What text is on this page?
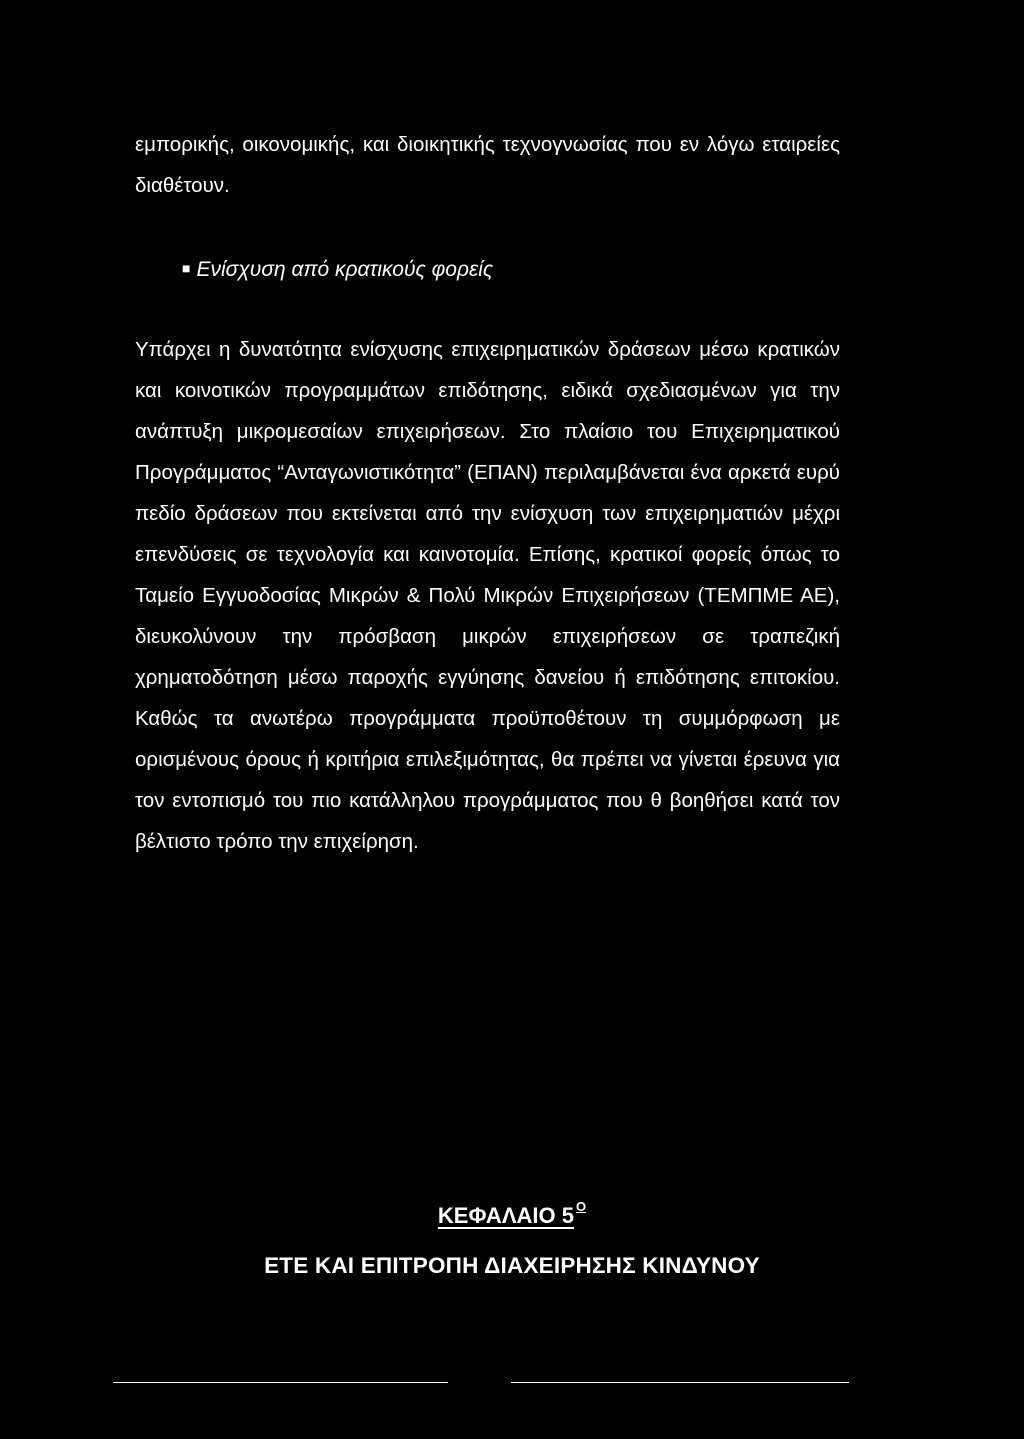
εμπορικής, οικονομικής, και διοικητικής τεχνογνωσίας που εν λόγω εταιρείες διαθέτουν.

■ Ενίσχυση από κρατικούς φορείς

Υπάρχει η δυνατότητα ενίσχυσης επιχειρηματικών δράσεων μέσω κρατικών και κοινοτικών προγραμμάτων επιδότησης, ειδικά σχεδιασμένων για την ανάπτυξη μικρομεσαίων επιχειρήσεων. Στο πλαίσιο του Επιχειρηματικού Προγράμματος “Ανταγωνιστικότητα” (ΕΠΑΝ) περιλαμβάνεται ένα αρκετά ευρύ πεδίο δράσεων που εκτείνεται από την ενίσχυση των επιχειρηματιών μέχρι επενδύσεις σε τεχνολογία και καινοτομία. Επίσης, κρατικοί φορείς όπως το Ταμείο Εγγυοδοσίας Μικρών & Πολύ Μικρών Επιχειρήσεων (ΤΕΜΠΜΕ ΑΕ), διευκολύνουν την πρόσβαση μικρών επιχειρήσεων σε τραπεζική χρηματοδότηση μέσω παροχής εγγύησης δανείου ή επιδότησης επιτοκίου. Καθώς τα ανωτέρω προγράμματα προϋποθέτουν τη συμμόρφωση με ορισμένους όρους ή κριτήρια επιλεξιμότητας, θα πρέπει να γίνεται έρευνα για τον εντοπισμό του πιο κατάλληλου προγράμματος που θ βοηθήσει κατά τον βέλτιστο τρόπο την επιχείρηση.

ΚΕΦΑΛΑΙΟ 5 $^O$
ΕΤΕ ΚΑΙ ΕΠΙΤΡΟΠΗ ΔΙΑΧΕΙΡΗΣΗΣ ΚΙΝΔΥΝΟΥ
